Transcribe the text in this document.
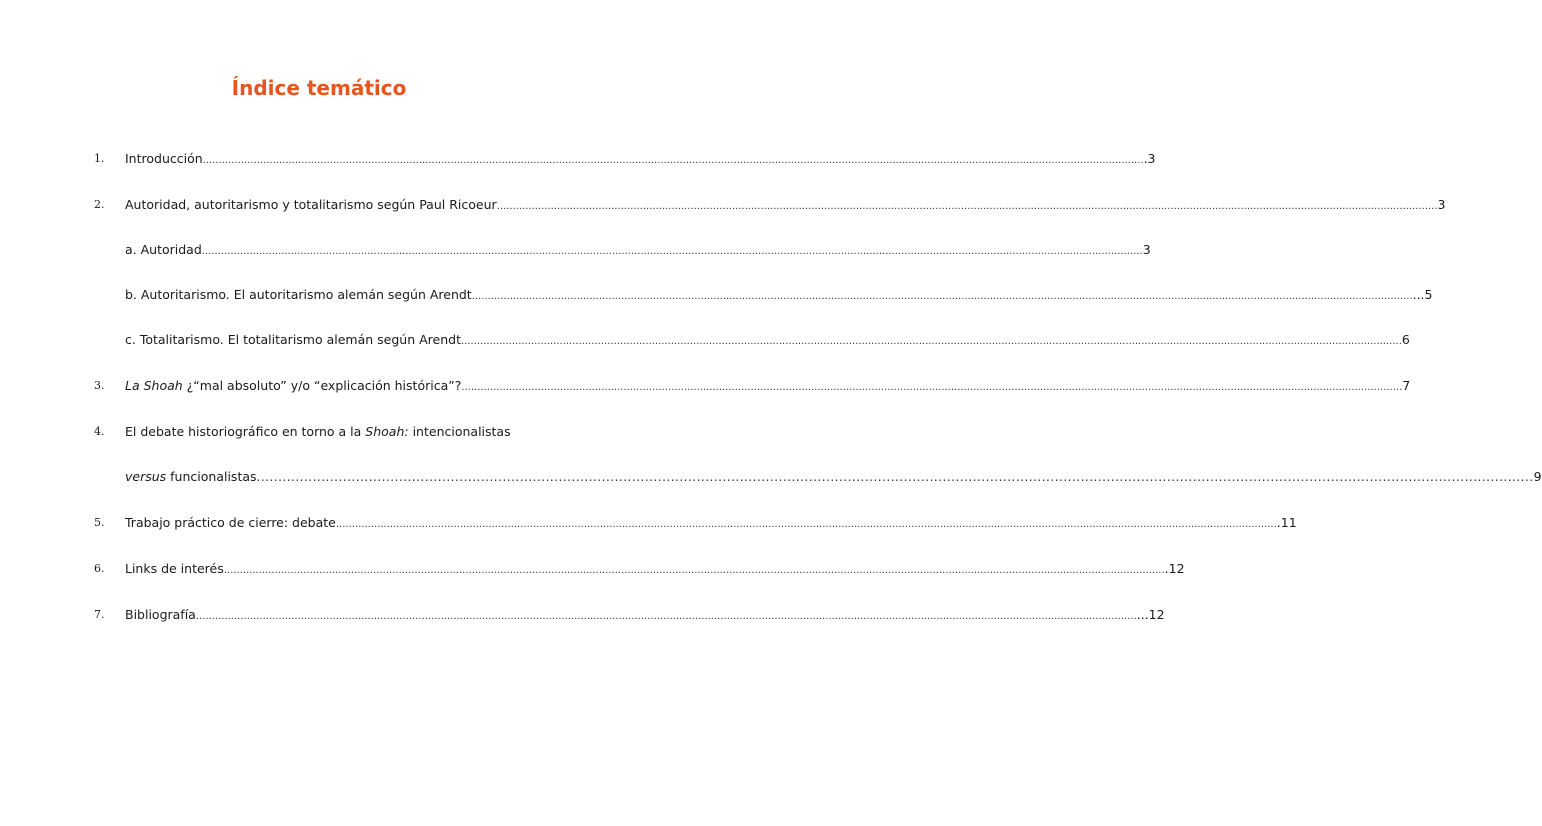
Índice temático
1. Introducción ........................................................................................................................................................................................................................................................................................................ .3
2. Autoridad, autoritarismo y totalitarismo según Paul Ricoeur ........................................................................................................................................................................................................................................................................................................ 3
a. Autoridad ........................................................................................................................................................................................................................................................................................................ 3
b. Autoritarismo. El autoritarismo alemán según Arendt ........................................................................................................................................................................................................................................................................................................ ...5
c. Totalitarismo. El totalitarismo alemán según Arendt ........................................................................................................................................................................................................................................................................................................ 6
3. La Shoah ¿“mal absoluto” y/o “explicación histórica”? ........................................................................................................................................................................................................................................................................................................ 7
4. El debate historiográfico en torno a la Shoah: intencionalistas
versus funcionalistas ........................................................................................................................................................................................................................................................................................................ 9
5. Trabajo práctico de cierre: debate ........................................................................................................................................................................................................................................................................................................ .11
6. Links de interés ........................................................................................................................................................................................................................................................................................................ .12
7. Bibliografía ........................................................................................................................................................................................................................................................................................................ ...12
